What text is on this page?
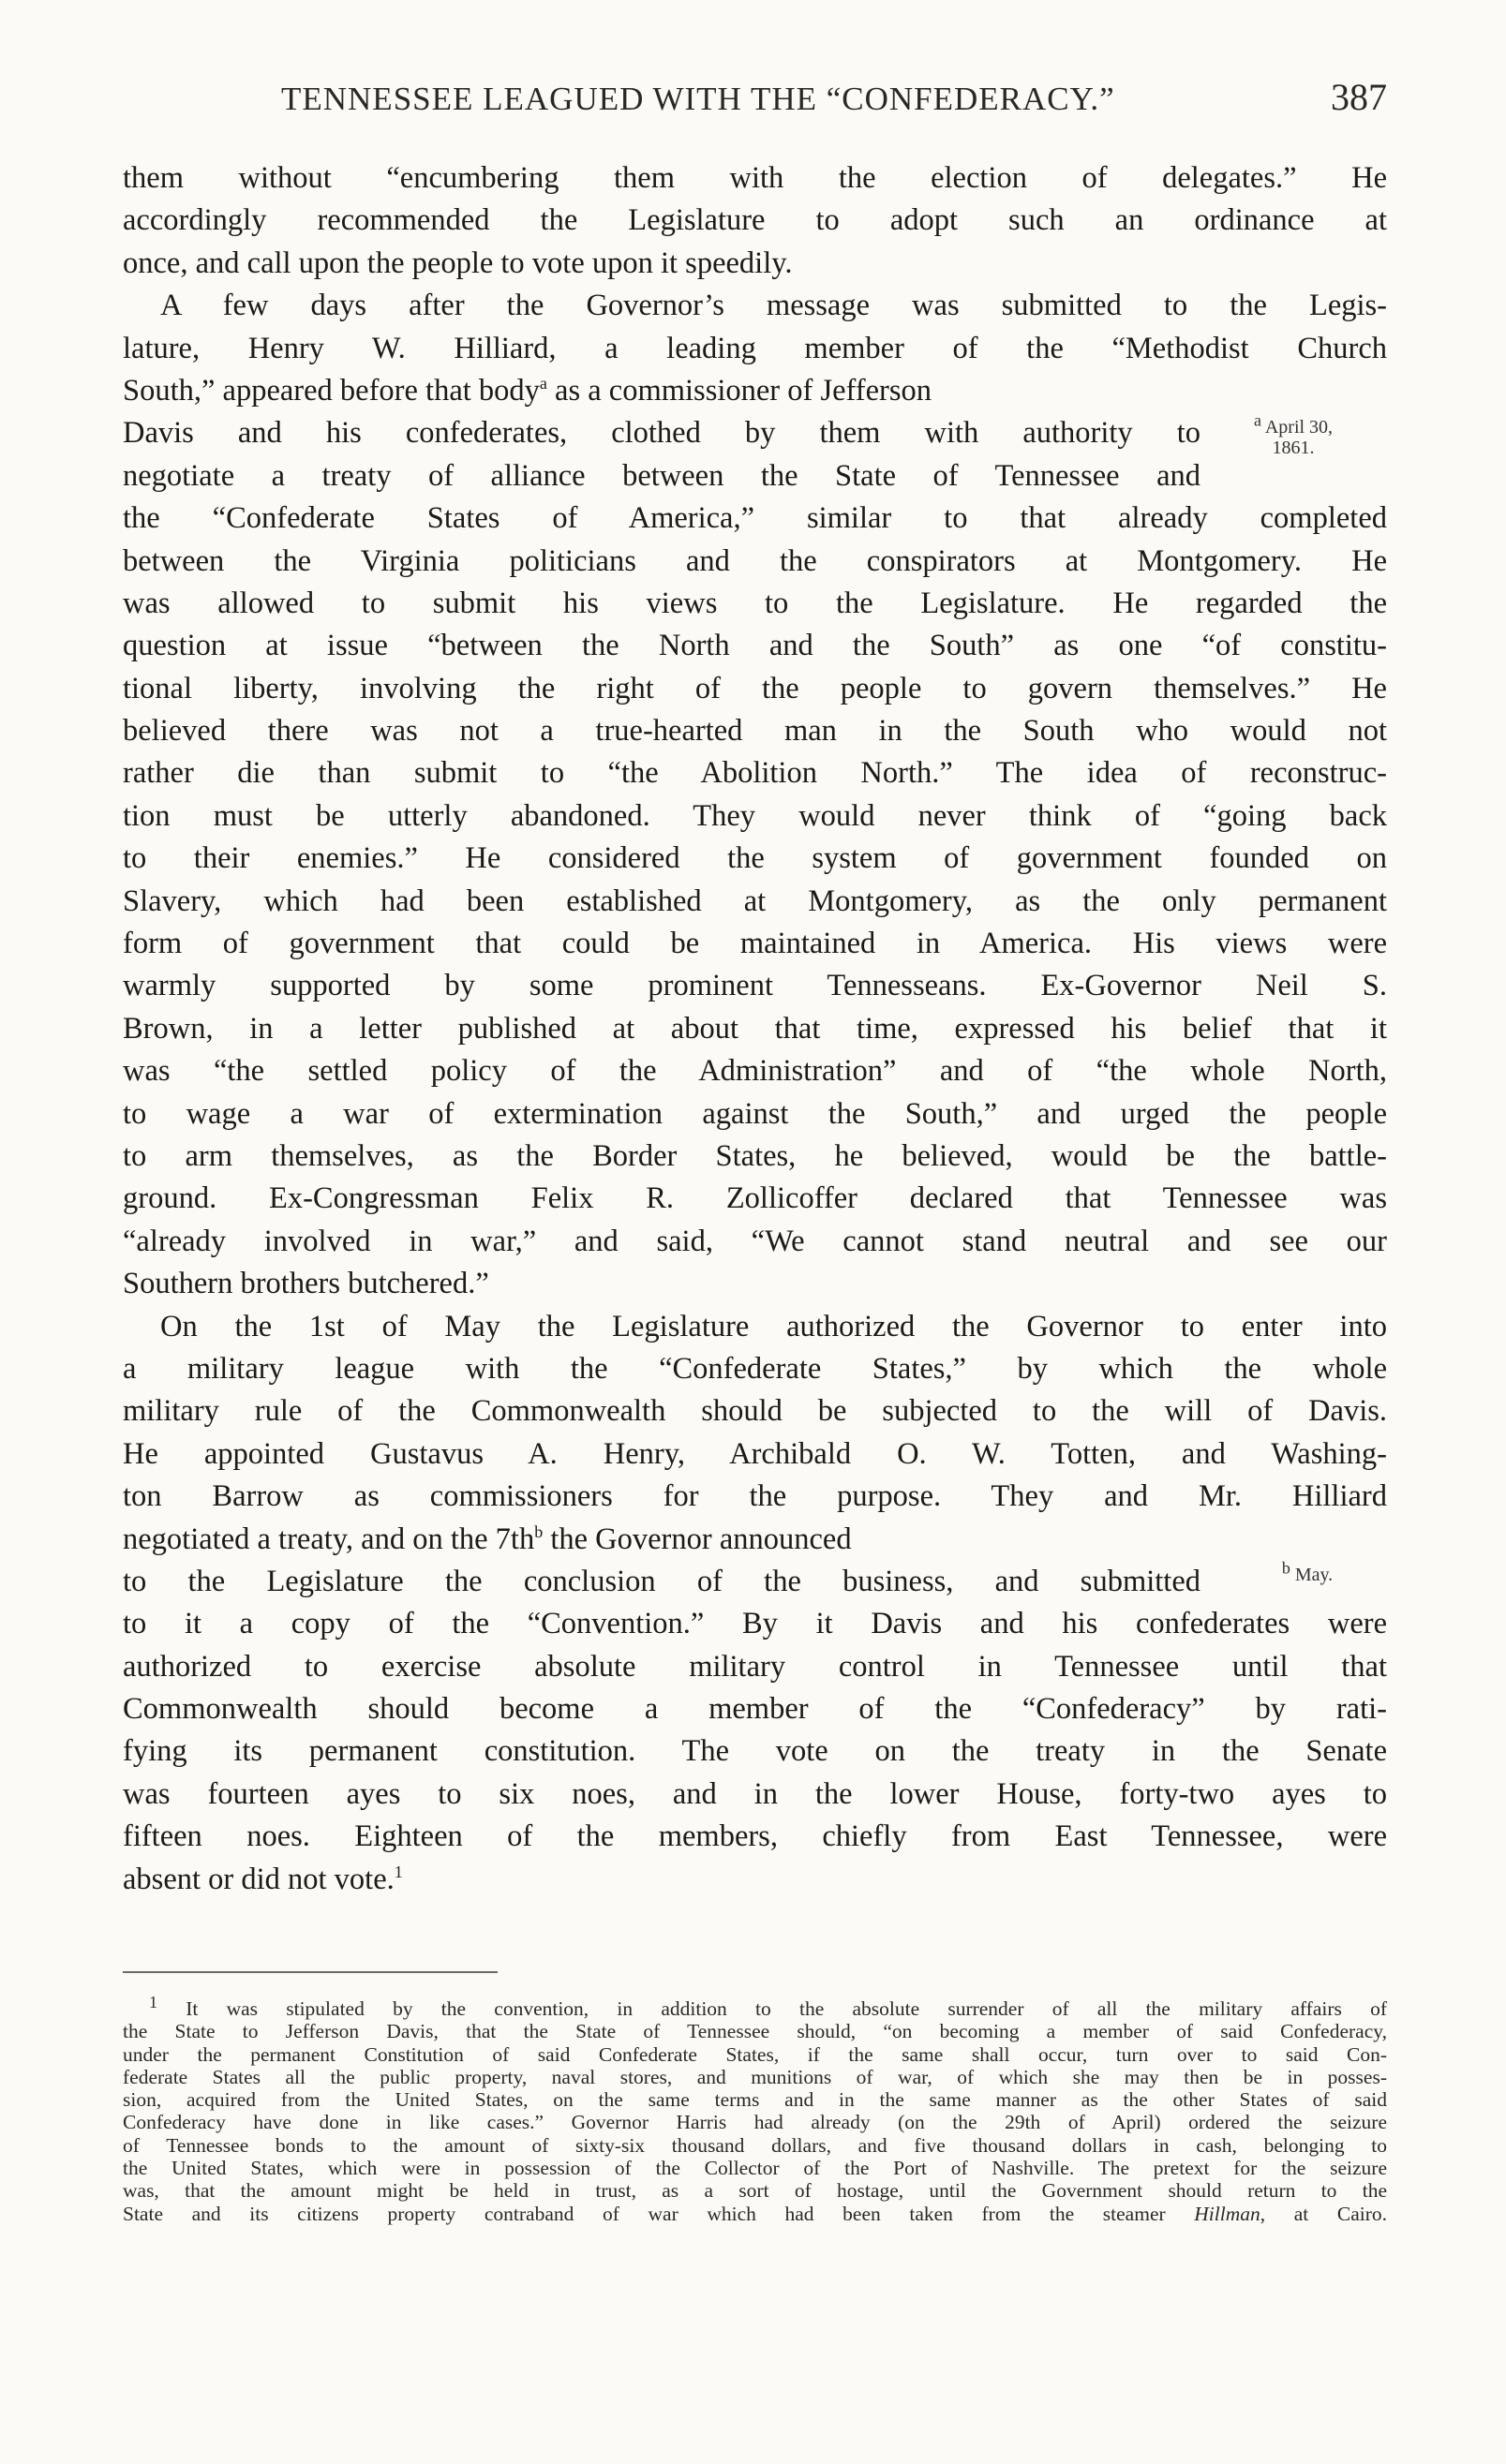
TENNESSEE LEAGUED WITH THE “CONFEDERACY.”	387
$^a$ April 30, 1861.
$^b$ May.
them without “encumbering them with the election of delegates.” He
accordingly recommended the Legislature to adopt such an ordinance at
once, and call upon the people to vote upon it speedily.
A few days after the Governor’s message was submitted to the Legis-
lature, Henry W. Hilliard, a leading member of the “Methodist Church
South,” appeared before that body$^a$ as a commissioner of Jefferson
Davis and his confederates, clothed by them with authority to
negotiate a treaty of alliance between the State of Tennessee and
the “Confederate States of America,” similar to that already completed
between the Virginia politicians and the conspirators at Montgomery. He
was allowed to submit his views to the Legislature. He regarded the
question at issue “between the North and the South” as one “of constitu-
tional liberty, involving the right of the people to govern themselves.” He
believed there was not a true-hearted man in the South who would not
rather die than submit to “the Abolition North.” The idea of reconstruc-
tion must be utterly abandoned. They would never think of “going back
to their enemies.” He considered the system of government founded on
Slavery, which had been established at Montgomery, as the only permanent
form of government that could be maintained in America. His views were
warmly supported by some prominent Tennesseans. Ex-Governor Neil S.
Brown, in a letter published at about that time, expressed his belief that it
was “the settled policy of the Administration” and of “the whole North,
to wage a war of extermination against the South,” and urged the people
to arm themselves, as the Border States, he believed, would be the battle-
ground. Ex-Congressman Felix R. Zollicoffer declared that Tennessee was
“already involved in war,” and said, “We cannot stand neutral and see our
Southern brothers butchered.”
On the 1st of May the Legislature authorized the Governor to enter into
a military league with the “Confederate States,” by which the whole
military rule of the Commonwealth should be subjected to the will of Davis.
He appointed Gustavus A. Henry, Archibald O. W. Totten, and Washing-
ton Barrow as commissioners for the purpose. They and Mr. Hilliard
negotiated a treaty, and on the 7th$^b$ the Governor announced
to the Legislature the conclusion of the business, and submitted
to it a copy of the “Convention.” By it Davis and his confederates were
authorized to exercise absolute military control in Tennessee until that
Commonwealth should become a member of the “Confederacy” by rati-
fying its permanent constitution. The vote on the treaty in the Senate
was fourteen ayes to six noes, and in the lower House, forty-two ayes to
fifteen noes. Eighteen of the members, chiefly from East Tennessee, were
absent or did not vote.$^1$
$^1$ It was stipulated by the convention, in addition to the absolute surrender of all the military affairs of
the State to Jefferson Davis, that the State of Tennessee should, “on becoming a member of said Confederacy,
under the permanent Constitution of said Confederate States, if the same shall occur, turn over to said Con-
federate States all the public property, naval stores, and munitions of war, of which she may then be in posses-
sion, acquired from the United States, on the same terms and in the same manner as the other States of said
Confederacy have done in like cases.” Governor Harris had already (on the 29th of April) ordered the seizure
of Tennessee bonds to the amount of sixty-six thousand dollars, and five thousand dollars in cash, belonging to
the United States, which were in possession of the Collector of the Port of Nashville. The pretext for the seizure
was, that the amount might be held in trust, as a sort of hostage, until the Government should return to the
State and its citizens property contraband of war which had been taken from the steamer Hillman, at Cairo.
